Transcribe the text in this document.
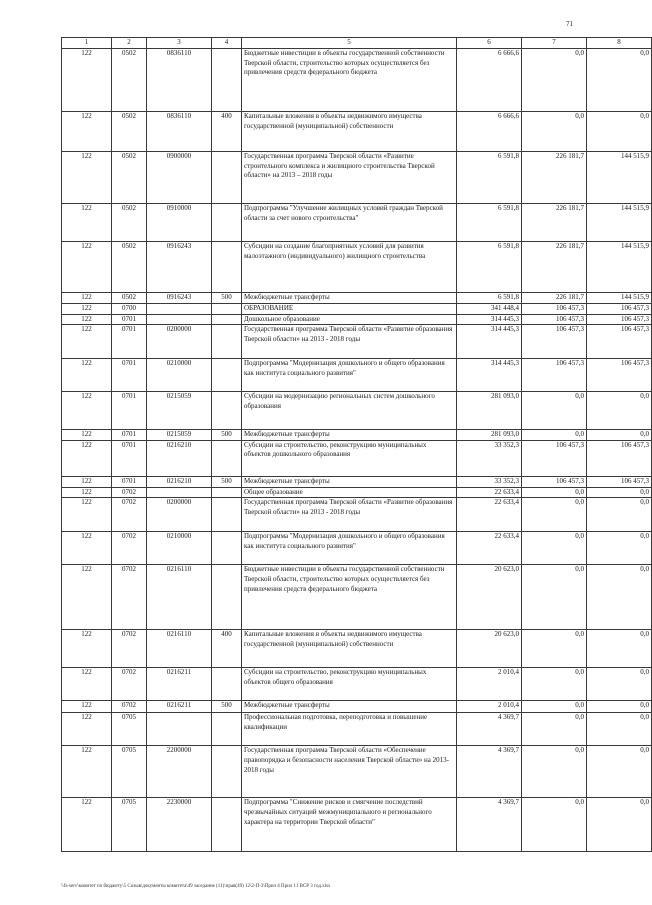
71
1	2	3	4	5	6	7	8
122	0502	0836110		Бюджетные инвестиции в объекты государственной собственности Тверской области, строительство которых осуществляется без привлечения средств федерального бюджета	6 666,6	0,0	0,0
122	0502	0836110	400	Капитальные вложения в объекты недвижимого имущества государственной (муниципальной) собственности	6 666,6	0,0	0,0
122	0502	0900000		Государственная программа Тверской области «Развитие строительного комплекса и жилищного строительства Тверской области» на 2013 – 2018 годы	6 591,8	226 181,7	144 515,9
122	0502	0910000		Подпрограмма "Улучшение жилищных условий граждан Тверской области за счет нового строительства"	6 591,8	226 181,7	144 515,9
122	0502	0916243		Субсидии на создание благоприятных условий для развития малоэтажного (индивидуального) жилищного строительства	6 591,8	226 181,7	144 515,9
122	0502	0916243	500	Межбюджетные трансферты	6 591,8	226 181,7	144 515,9
122	0700			ОБРАЗОВАНИЕ	341 448,4	106 457,3	106 457,3
122	0701			Дошкольное образование	314 445,3	106 457,3	106 457,3
122	0701	0200000		Государственная программа Тверской области «Развитие образования Тверской области» на 2013 - 2018 годы	314 445,3	106 457,3	106 457,3
122	0701	0210000		Подпрограмма "Модернизация дошкольного и общего образования как института социального развития"	314 445,3	106 457,3	106 457,3
122	0701	0215059		Субсидии на модернизацию региональных систем дошкольного образования	281 093,0	0,0	0,0
122	0701	0215059	500	Межбюджетные трансферты	281 093,0	0,0	0,0
122	0701	0216210		Субсидии на строительство, реконструкцию муниципальных объектов дошкольного образования	33 352,3	106 457,3	106 457,3
122	0701	0216210	500	Межбюджетные трансферты	33 352,3	106 457,3	106 457,3
122	0702			Общее образование	22 633,4	0,0	0,0
122	0702	0200000		Государственная программа Тверской области «Развитие образования Тверской области» на 2013 - 2018 годы	22 633,4	0,0	0,0
122	0702	0210000		Подпрограмма "Модернизация дошкольного и общего образования как института социального развития"	22 633,4	0,0	0,0
122	0702	0216110		Бюджетные инвестиции в объекты государственной собственности Тверской области, строительство которых осуществляется без привлечения средств федерального бюджета	20 623,0	0,0	0,0
122	0702	0216110	400	Капитальные вложения в объекты недвижимого имущества государственной (муниципальной) собственности	20 623,0	0,0	0,0
122	0702	0216211		Субсидии на строительство, реконструкцию муниципальных объектов общего образования	2 010,4	0,0	0,0
122	0702	0216211	500	Межбюджетные трансферты	2 010,4	0,0	0,0
122	0705			Профессиональная подготовка, переподготовка и повышение квалификации	4 369,7	0,0	0,0
122	0705	2200000		Государственная программа Тверской области «Обеспечение правопорядка и безопасности населения Тверской области» на 2013-2018 годы	4 369,7	0,0	0,0
122	0705	2230000		Подпрограмма "Снижение рисков и смягчение последствий чрезвычайных ситуаций межмуниципального и регионального характера на территории Тверской области"	4 369,7	0,0	0,0
\\fs-serv\комитет по бюджету\5 Созыв\документы комитета\49 заседание (11)\прав(49) 12\2-П-3\Прил 4 Прил 11 ВСР 3 год.xlsx
